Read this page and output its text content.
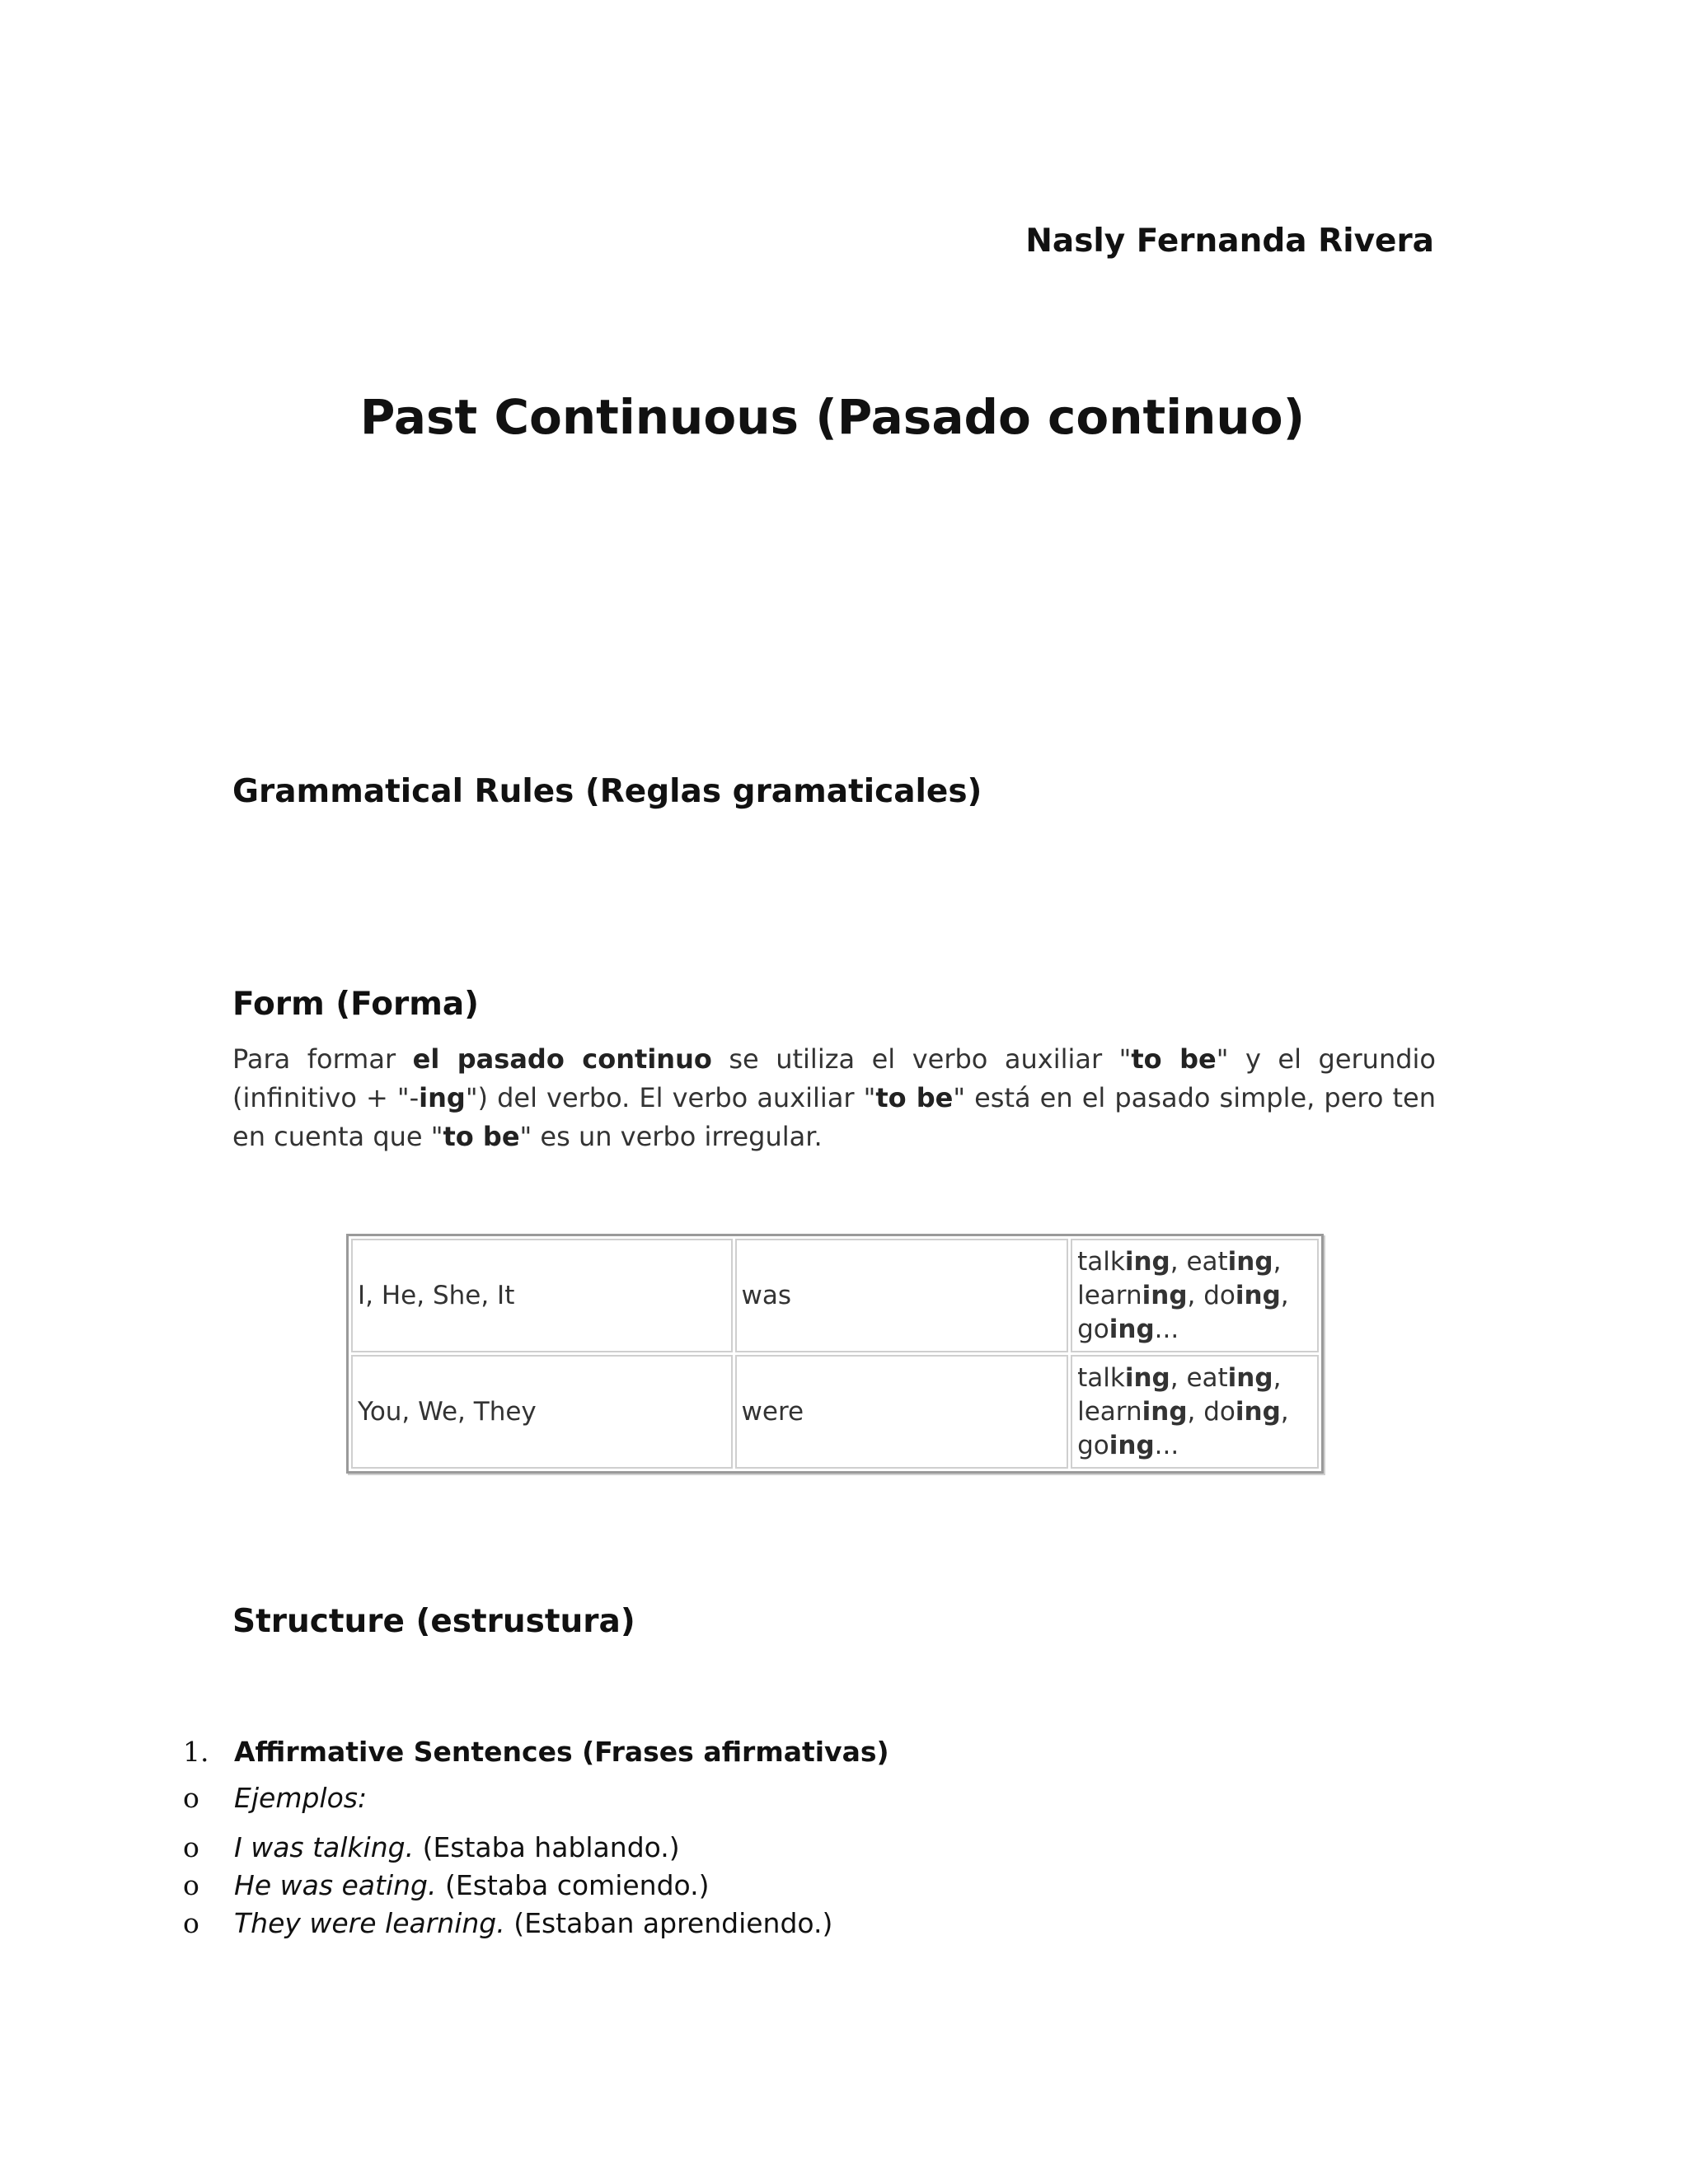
Nasly Fernanda Rivera

Past Continuous (Pasado continuo)
Grammatical Rules (Reglas gramaticales)
Form (Forma)

Para formar el pasado continuo se utiliza el verbo auxiliar "to be" y el gerundio (infinitivo + "-ing") del verbo. El verbo auxiliar "to be" está en el pasado simple, pero ten en cuenta que "to be" es un verbo irregular.

I, He, She, It	was	talking, eating,
learning, doing,
going...

You, We, They	were	talking, eating,
learning, doing,
going...
Structure (estrustura)
1. Affirmative Sentences (Frases afirmativas)
o Ejemplos:
o I was talking. (Estaba hablando.)
o He was eating. (Estaba comiendo.)
o They were learning. (Estaban aprendiendo.)
